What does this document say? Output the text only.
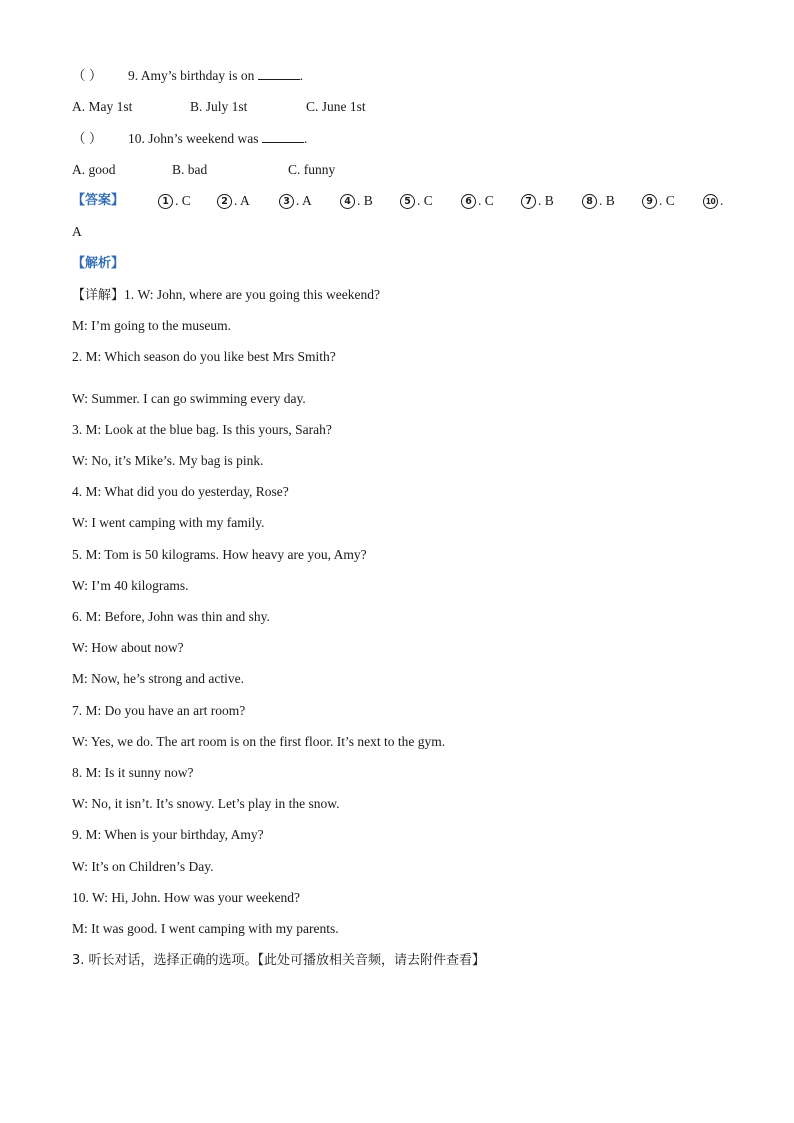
（ ） 9. Amy’s birthday is on	.
A. May 1st	B. July 1st	C. June 1st
（ ） 10. John’s weekend was	.
A. good	B. bad	C. funny
【答案】	1 . C	2 . A	3 . A	4 . B	5 . C	6 . C	7 . B	8 . B	9 . C	10 .
A
【解析】
【详解】1. W: John, where are you going this weekend?
M: I’m going to the museum.
2. M: Which season do you like best Mrs Smith?
W: Summer. I can go swimming every day.
3. M: Look at the blue bag. Is this yours, Sarah?
W: No, it’s Mike’s. My bag is pink.
4. M: What did you do yesterday, Rose?
W: I went camping with my family.
5. M: Tom is 50 kilograms. How heavy are you, Amy?
W: I’m 40 kilograms.
6. M: Before, John was thin and shy.
W: How about now?
M: Now, he’s strong and active.
7. M: Do you have an art room?
W: Yes, we do. The art room is on the first floor. It’s next to the gym.
8. M: Is it sunny now?
W: No, it isn’t. It’s snowy. Let’s play in the snow.
9. M: When is your birthday, Amy?
W: It’s on Children’s Day.
10. W: Hi, John. How was your weekend?
M: It was good. I went camping with my parents.
3. 听长对话，选择正确的选项。【此处可播放相关音频，请去附件查看】
